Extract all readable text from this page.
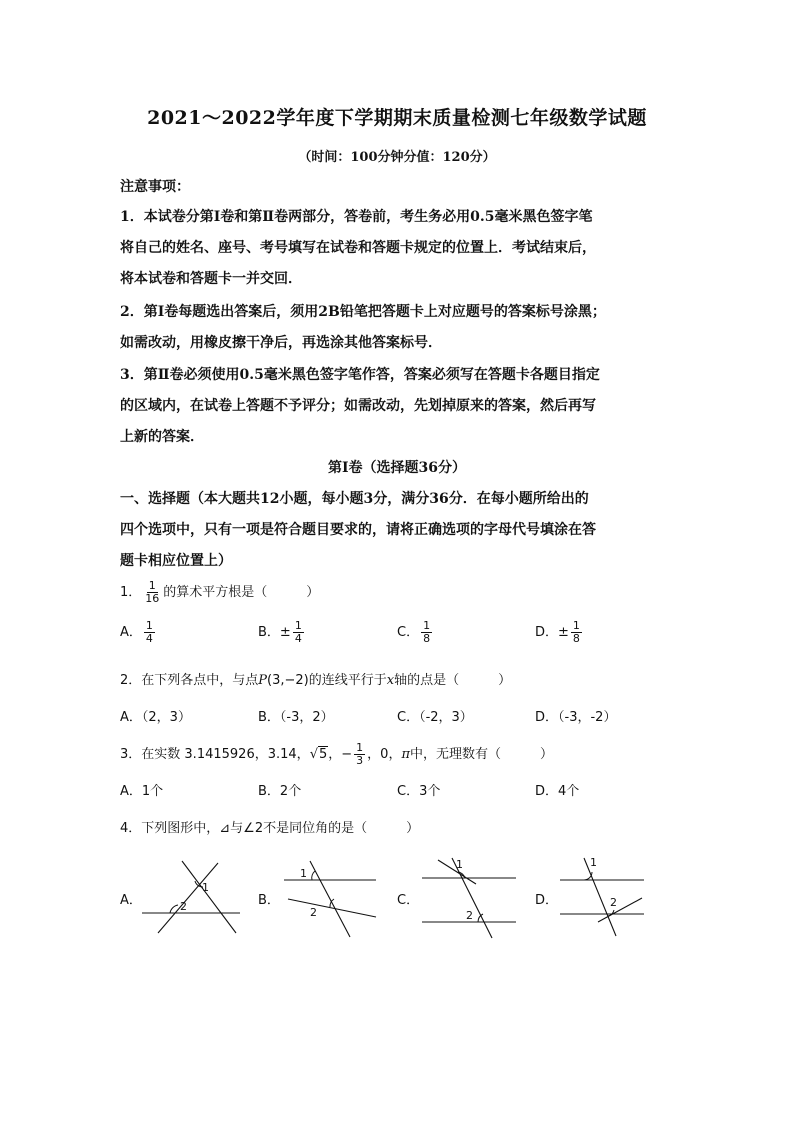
2021～2022学年度下学期期末质量检测七年级数学试题
（时间：100分钟分值：120分）
注意事项：
1．本试卷分第Ⅰ卷和第Ⅱ卷两部分，答卷前，考生务必用0.5毫米黑色签字笔
将自己的姓名、座号、考号填写在试卷和答题卡规定的位置上．考试结束后，
将本试卷和答题卡一并交回．
2．第Ⅰ卷每题选出答案后，须用2B铅笔把答题卡上对应题号的答案标号涂黑；
如需改动，用橡皮擦干净后，再选涂其他答案标号．
3．第Ⅱ卷必须使用0.5毫米黑色签字笔作答，答案必须写在答题卡各题目指定
的区域内，在试卷上答题不予评分；如需改动，先划掉原来的答案，然后再写
上新的答案．
第Ⅰ卷（选择题36分）
一、选择题（本大题共12小题，每小题3分，满分36分．在每小题所给出的
四个选项中，只有一项是符合题目要求的，请将正确选项的字母代号填涂在答
题卡相应位置上）
1． $\frac{1}{16}$ 的算术平方根是（　　　）
A． $\frac{1}{4}$	B．± $\frac{1}{4}$	C． $\frac{1}{8}$	D．± $\frac{1}{8}$
2．在下列各点中，与点P(3,−2)的连线平行于x轴的点是（　　　）
A．（2，3）	B．（-3，2）	C．（-2，3）	D．（-3，-2）
3．在实数 3.1415926，3.14，√5，− $\frac{1}{3}$ ，0，π中，无理数有（　　　）
A．1个	B．2个	C．3个	D．4个
4．下列图形中，⊿与∠2不是同位角的是（　　　）
A．
1
2	B．
1
2
C．
1
2
D．
1
2
